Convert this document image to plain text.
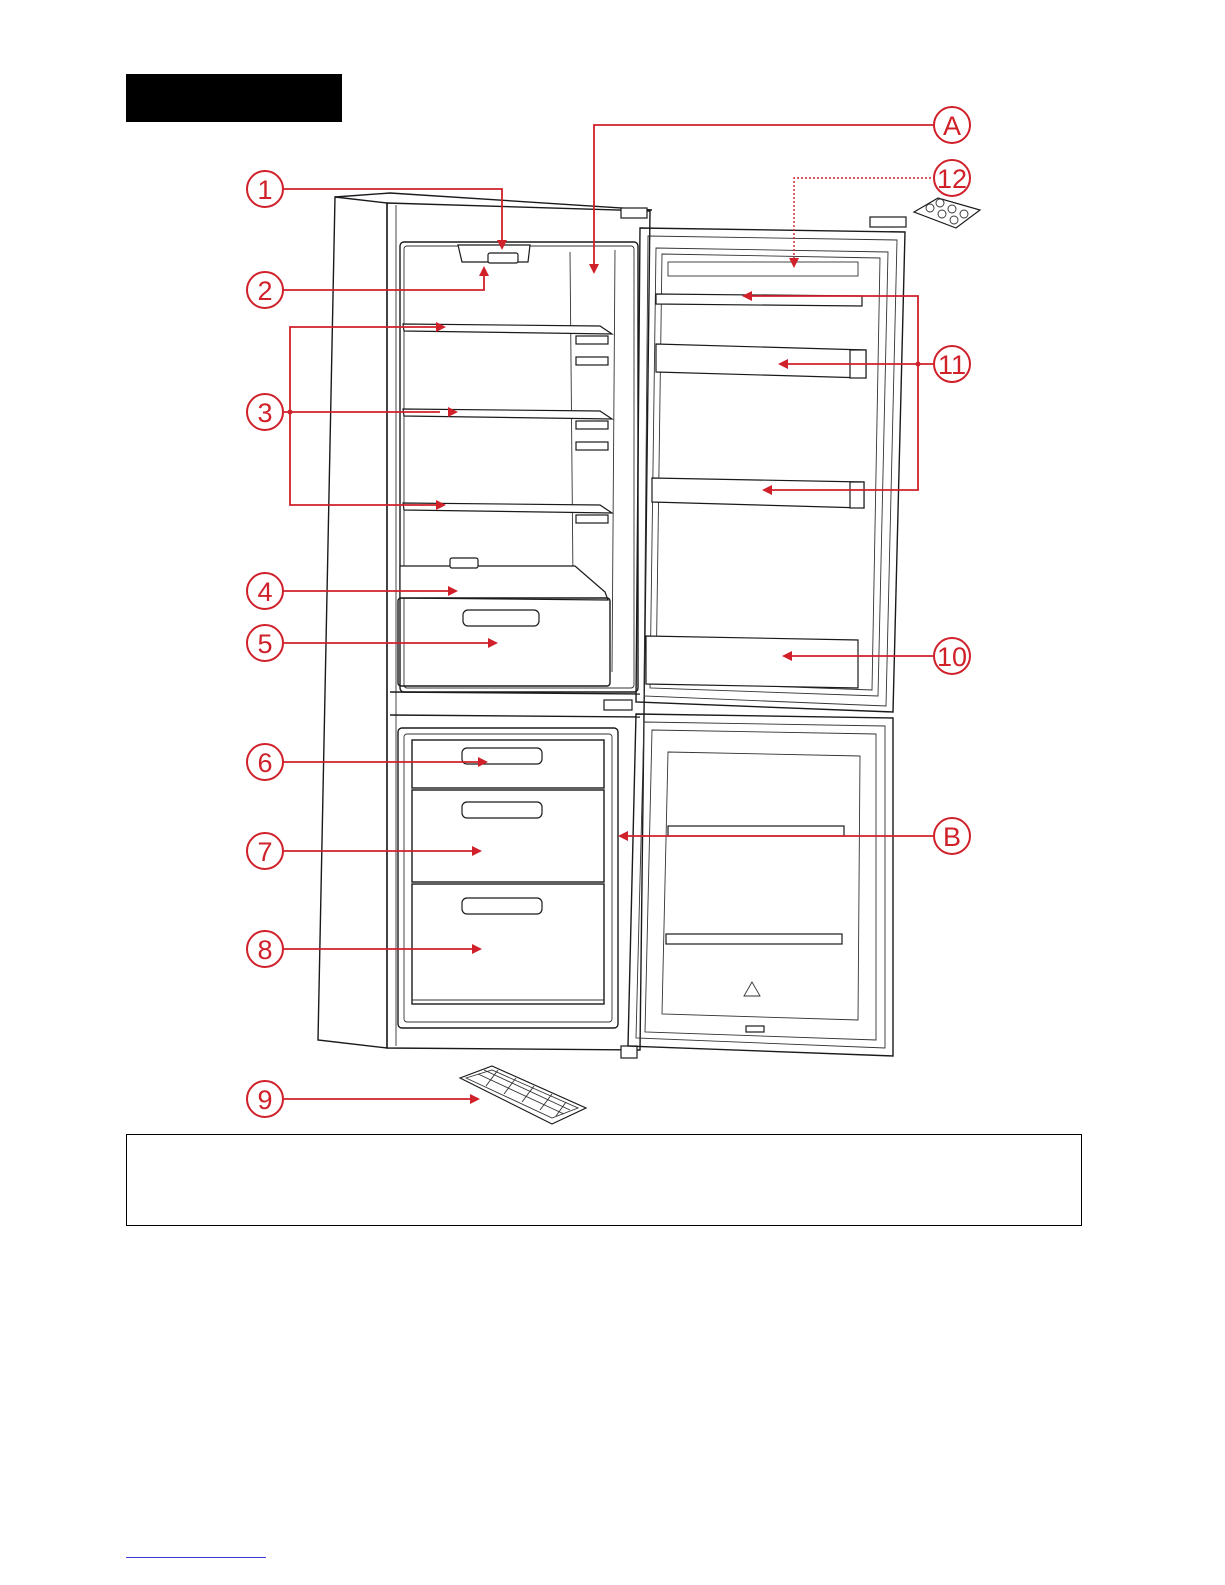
1
2
3
4
5
6
7
8
9
10
11
12
A
B
